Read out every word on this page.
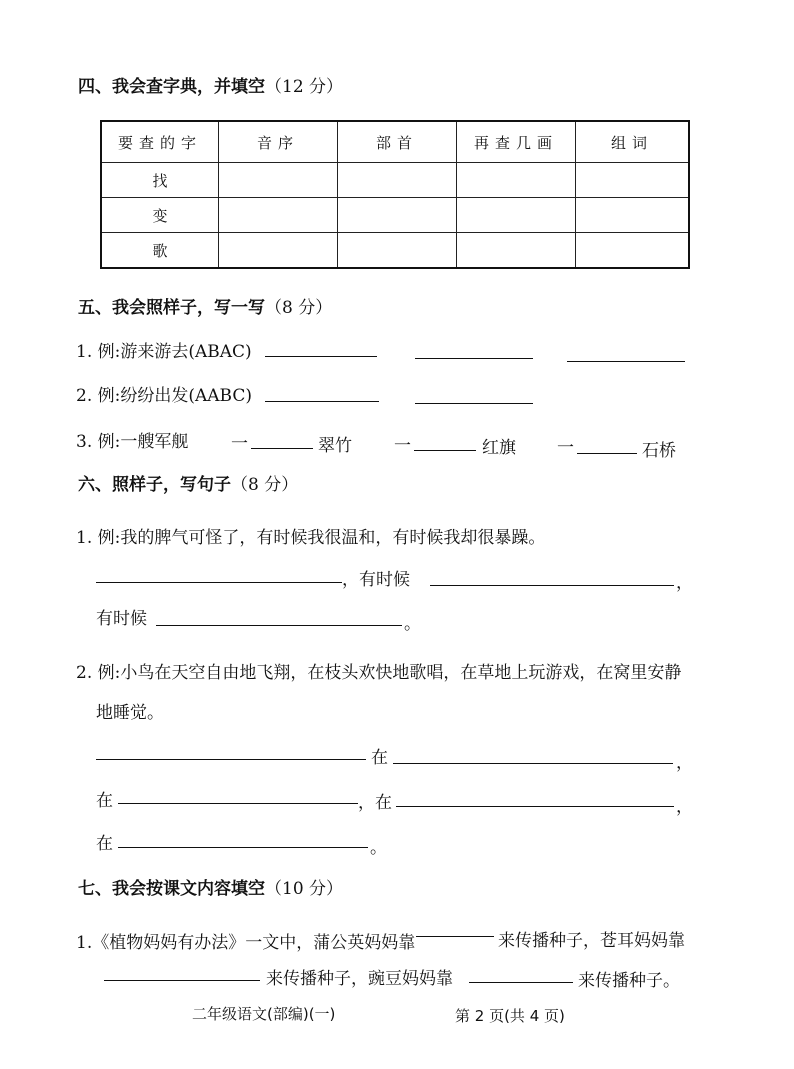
四、我会查字典，并填空（12 分）
要查的字	音序	部首	再查几画	组词
找				
变				
歌				
五、我会照样子，写一写（8 分）
1. 例:游来游去(ABAC)
2. 例:纷纷出发(AABC)
3. 例:一艘军舰	一	翠竹 一	红旗 一	石桥
六、照样子，写句子（8 分）
1. 例:我的脾气可怪了，有时候我很温和，有时候我却很暴躁。
，有时候	，
有时候	。
2. 例:小鸟在天空自由地飞翔，在枝头欢快地歌唱，在草地上玩游戏，在窝里安静
地睡觉。
在	，
在	，在	，
在	。
七、我会按课文内容填空（10 分）
1.《植物妈妈有办法》一文中，蒲公英妈妈靠	来传播种子，苍耳妈妈靠
来传播种子，豌豆妈妈靠	来传播种子。
二年级语文(部编)(一)	第 2 页(共 4 页)
